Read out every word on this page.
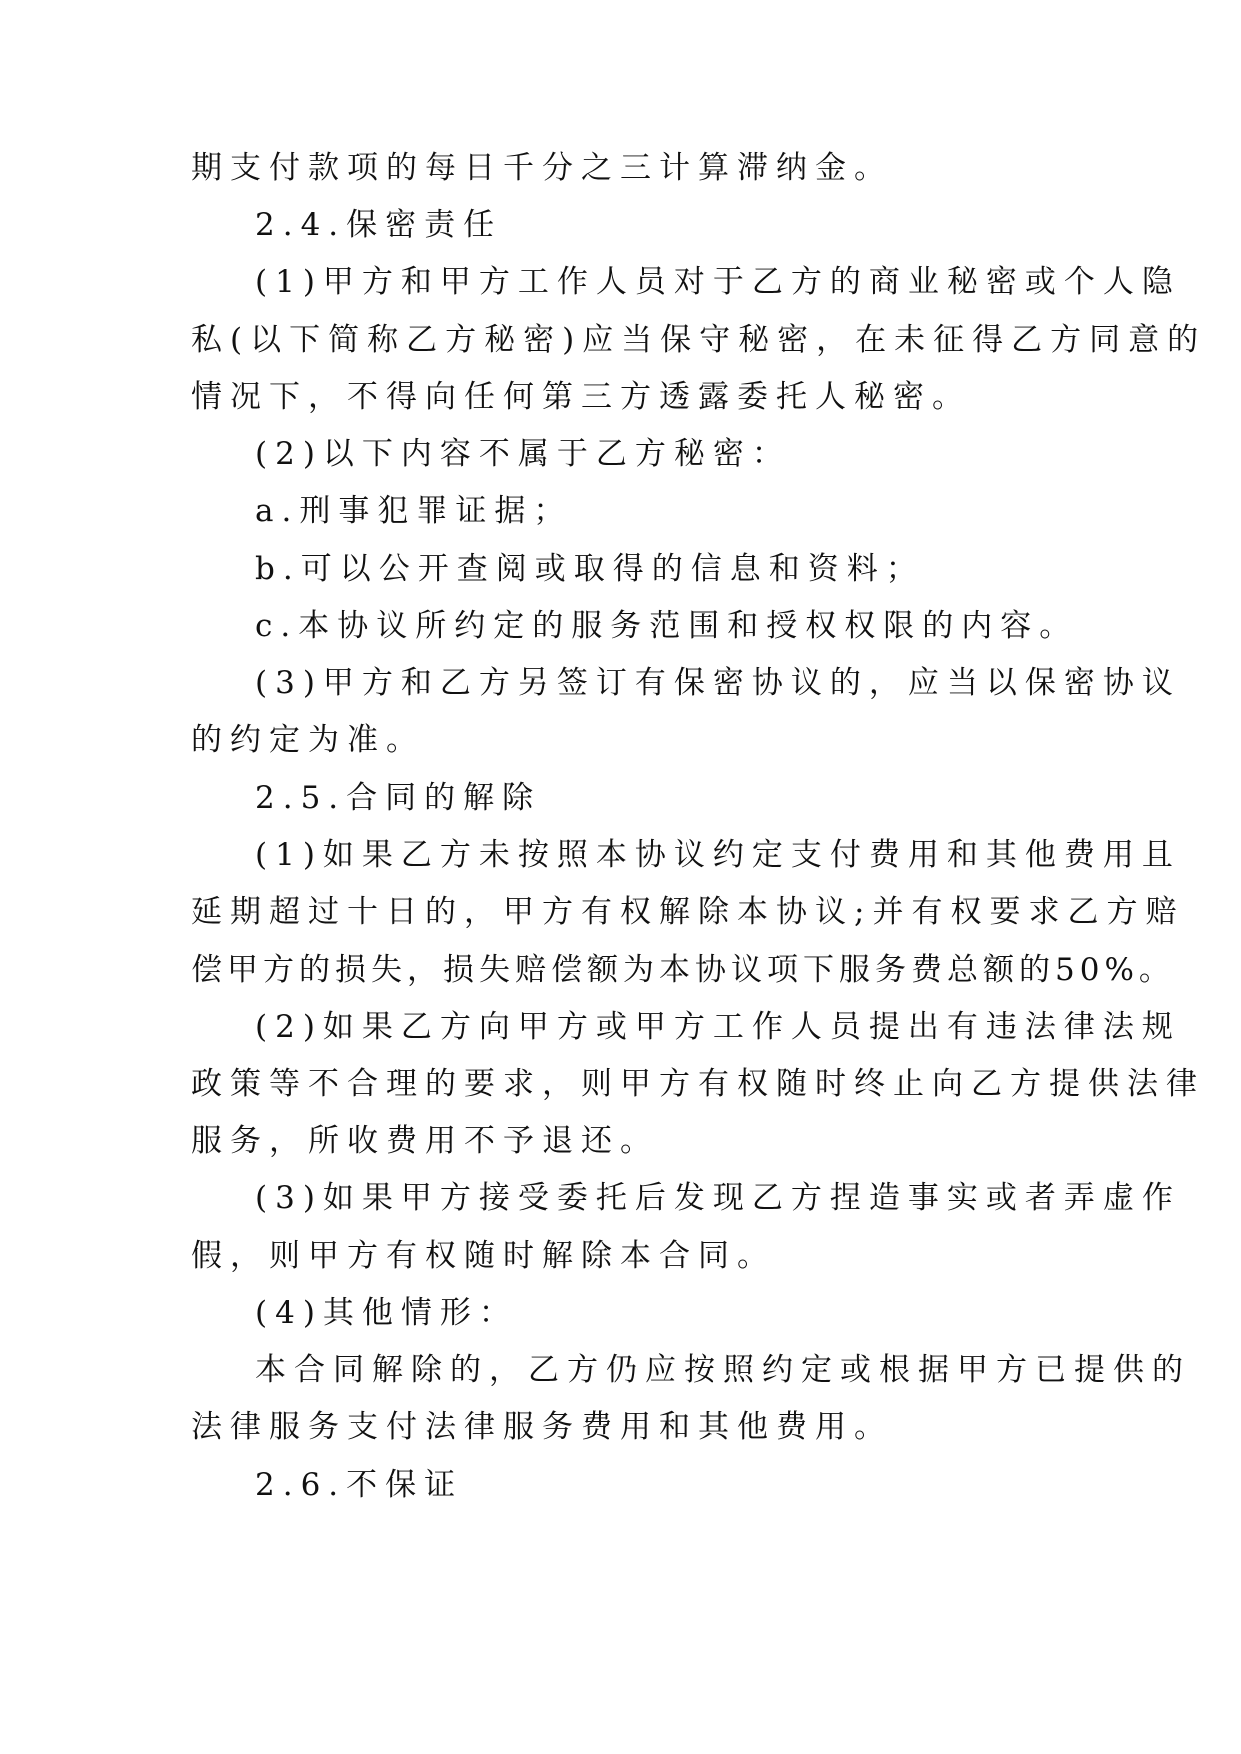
期支付款项的每日千分之三计算滞纳金。
2.4.保密责任
(1)甲方和甲方工作人员对于乙方的商业秘密或个人隐
私(以下简称乙方秘密)应当保守秘密，在未征得乙方同意的
情况下，不得向任何第三方透露委托人秘密。
(2)以下内容不属于乙方秘密：
a.刑事犯罪证据；
b.可以公开查阅或取得的信息和资料；
c.本协议所约定的服务范围和授权权限的内容。
(3)甲方和乙方另签订有保密协议的，应当以保密协议
的约定为准。
2.5.合同的解除
(1)如果乙方未按照本协议约定支付费用和其他费用且
延期超过十日的，甲方有权解除本协议;并有权要求乙方赔
偿甲方的损失，损失赔偿额为本协议项下服务费总额的50%。
(2)如果乙方向甲方或甲方工作人员提出有违法律法规
政策等不合理的要求，则甲方有权随时终止向乙方提供法律
服务，所收费用不予退还。
(3)如果甲方接受委托后发现乙方捏造事实或者弄虚作
假，则甲方有权随时解除本合同。
(4)其他情形：
本合同解除的，乙方仍应按照约定或根据甲方已提供的
法律服务支付法律服务费用和其他费用。
2.6.不保证
